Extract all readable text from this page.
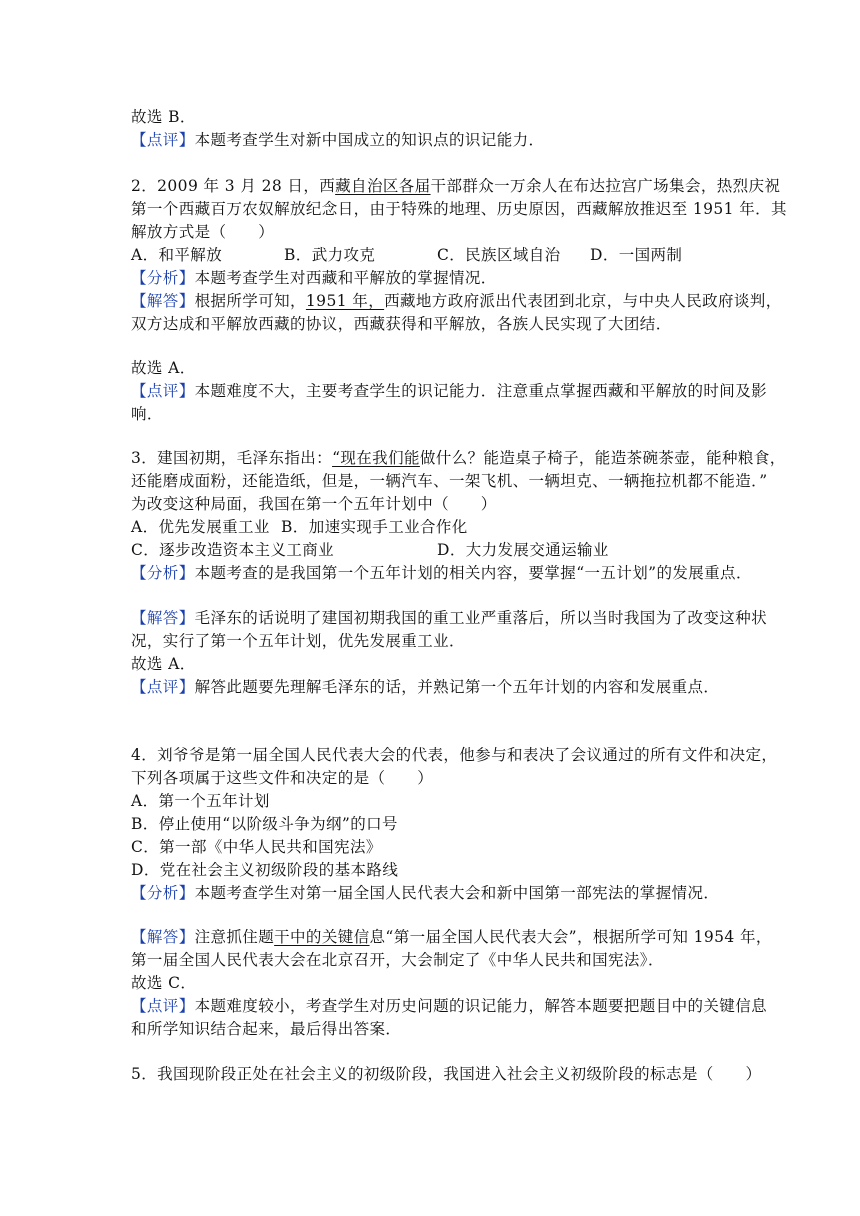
故选 B．
【点评】本题考查学生对新中国成立的知识点的识记能力．
2．2009 年 3 月 28 日，西藏自治区各届干部群众一万余人在布达拉宫广场集会，热烈庆祝
第一个西藏百万农奴解放纪念日，由于特殊的地理、历史原因，西藏解放推迟至 1951 年．其
解放方式是（　　）
A．和平解放	B．武力攻克	C．民族区域自治 D．一国两制
【分析】本题考查学生对西藏和平解放的掌握情况．
【解答】根据所学可知，1951 年，西藏地方政府派出代表团到北京，与中央人民政府谈判，
双方达成和平解放西藏的协议，西藏获得和平解放，各族人民实现了大团结．
故选 A．
【点评】本题难度不大，主要考查学生的识记能力．注意重点掌握西藏和平解放的时间及影
响．
3．建国初期，毛泽东指出：“现在我们能做什么？能造桌子椅子，能造茶碗茶壶，能种粮食，
还能磨成面粉，还能造纸，但是，一辆汽车、一架飞机、一辆坦克、一辆拖拉机都不能造．”
为改变这种局面，我国在第一个五年计划中（　　）
A．优先发展重工业 B．加速实现手工业合作化
C．逐步改造资本主义工商业	D．大力发展交通运输业
【分析】本题考查的是我国第一个五年计划的相关内容，要掌握“一五计划”的发展重点．
【解答】毛泽东的话说明了建国初期我国的重工业严重落后，所以当时我国为了改变这种状
况，实行了第一个五年计划，优先发展重工业．
故选 A．
【点评】解答此题要先理解毛泽东的话，并熟记第一个五年计划的内容和发展重点．
4．刘爷爷是第一届全国人民代表大会的代表，他参与和表决了会议通过的所有文件和决定，
下列各项属于这些文件和决定的是（　　）
A．第一个五年计划
B．停止使用“以阶级斗争为纲”的口号
C．第一部《中华人民共和国宪法》
D．党在社会主义初级阶段的基本路线
【分析】本题考查学生对第一届全国人民代表大会和新中国第一部宪法的掌握情况．
【解答】注意抓住题干中的关键信息“第一届全国人民代表大会”，根据所学可知 1954 年，
第一届全国人民代表大会在北京召开，大会制定了《中华人民共和国宪法》．
故选 C．
【点评】本题难度较小，考查学生对历史问题的识记能力，解答本题要把题目中的关键信息
和所学知识结合起来，最后得出答案．
5．我国现阶段正处在社会主义的初级阶段，我国进入社会主义初级阶段的标志是（　　）
